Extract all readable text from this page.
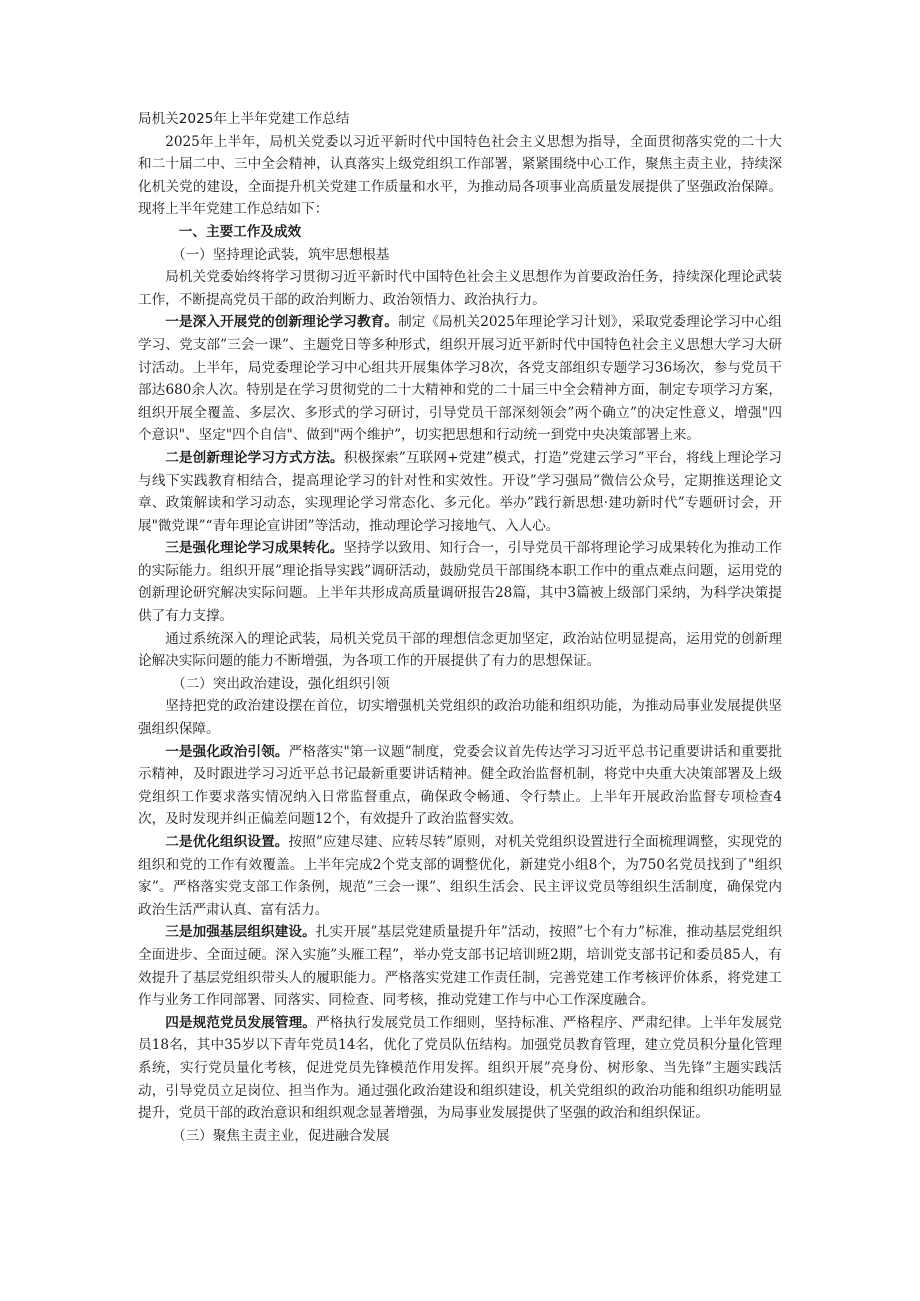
局机关2025年上半年党建工作总结

2025年上半年，局机关党委以习近平新时代中国特色社会主义思想为指导，全面贯彻落实党的二十大和二十届二中、三中全会精神，认真落实上级党组织工作部署，紧紧围绕中心工作，聚焦主责主业，持续深化机关党的建设，全面提升机关党建工作质量和水平，为推动局各项事业高质量发展提供了坚强政治保障。现将上半年党建工作总结如下：

一、主要工作及成效

（一）坚持理论武装，筑牢思想根基

局机关党委始终将学习贯彻习近平新时代中国特色社会主义思想作为首要政治任务，持续深化理论武装工作，不断提高党员干部的政治判断力、政治领悟力、政治执行力。

一是深入开展党的创新理论学习教育。制定《局机关2025年理论学习计划》，采取党委理论学习中心组学习、党支部”三会一课”、主题党日等多种形式，组织开展习近平新时代中国特色社会主义思想大学习大研讨活动。上半年，局党委理论学习中心组共开展集体学习8次，各党支部组织专题学习36场次，参与党员干部达680余人次。特别是在学习贯彻党的二十大精神和党的二十届三中全会精神方面，制定专项学习方案，组织开展全覆盖、多层次、多形式的学习研讨，引导党员干部深刻领会”两个确立”的决定性意义，增强"四个意识"、坚定"四个自信"、做到"两个维护”，切实把思想和行动统一到党中央决策部署上来。

二是创新理论学习方式方法。积极探索”互联网+党建”模式，打造”党建云学习”平台，将线上理论学习与线下实践教育相结合，提高理论学习的针对性和实效性。开设”学习强局”微信公众号，定期推送理论文章、政策解读和学习动态，实现理论学习常态化、多元化。举办”践行新思想·建功新时代”专题研讨会，开展"微党课”“青年理论宣讲团”等活动，推动理论学习接地气、入人心。

三是强化理论学习成果转化。坚持学以致用、知行合一，引导党员干部将理论学习成果转化为推动工作的实际能力。组织开展”理论指导实践”调研活动，鼓励党员干部围绕本职工作中的重点难点问题，运用党的创新理论研究解决实际问题。上半年共形成高质量调研报告28篇，其中3篇被上级部门采纳，为科学决策提供了有力支撑。

通过系统深入的理论武装，局机关党员干部的理想信念更加坚定，政治站位明显提高，运用党的创新理论解决实际问题的能力不断增强，为各项工作的开展提供了有力的思想保证。

（二）突出政治建设，强化组织引领

坚持把党的政治建设摆在首位，切实增强机关党组织的政治功能和组织功能，为推动局事业发展提供坚强组织保障。

一是强化政治引领。严格落实"第一议题”制度，党委会议首先传达学习习近平总书记重要讲话和重要批示精神，及时跟进学习习近平总书记最新重要讲话精神。健全政治监督机制，将党中央重大决策部署及上级党组织工作要求落实情况纳入日常监督重点，确保政令畅通、令行禁止。上半年开展政治监督专项检查4次，及时发现并纠正偏差问题12个，有效提升了政治监督实效。

二是优化组织设置。按照”应建尽建、应转尽转”原则，对机关党组织设置进行全面梳理调整，实现党的组织和党的工作有效覆盖。上半年完成2个党支部的调整优化，新建党小组8个，为750名党员找到了"组织家”。严格落实党支部工作条例，规范”三会一课”、组织生活会、民主评议党员等组织生活制度，确保党内政治生活严肃认真、富有活力。

三是加强基层组织建设。扎实开展”基层党建质量提升年”活动，按照”七个有力”标准，推动基层党组织全面进步、全面过硬。深入实施”头雁工程”，举办党支部书记培训班2期，培训党支部书记和委员85人，有效提升了基层党组织带头人的履职能力。严格落实党建工作责任制，完善党建工作考核评价体系，将党建工作与业务工作同部署、同落实、同检查、同考核，推动党建工作与中心工作深度融合。

四是规范党员发展管理。严格执行发展党员工作细则，坚持标准、严格程序、严肃纪律。上半年发展党员18名，其中35岁以下青年党员14名，优化了党员队伍结构。加强党员教育管理，建立党员积分量化管理系统，实行党员量化考核，促进党员先锋模范作用发挥。组织开展”亮身份、树形象、当先锋”主题实践活动，引导党员立足岗位、担当作为。通过强化政治建设和组织建设，机关党组织的政治功能和组织功能明显提升，党员干部的政治意识和组织观念显著增强，为局事业发展提供了坚强的政治和组织保证。

（三）聚焦主责主业，促进融合发展
